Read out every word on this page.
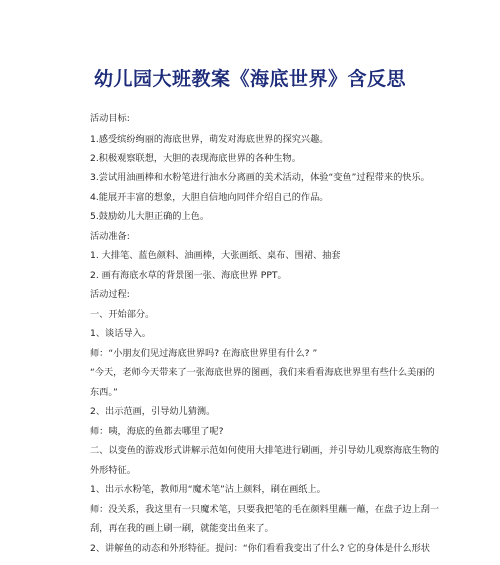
幼儿园大班教案《海底世界》含反思
活动目标:
1.感受缤纷绚丽的海底世界，萌发对海底世界的探究兴趣。
2.积极观察联想，大胆的表现海底世界的各种生物。
3.尝试用油画棒和水粉笔进行油水分离画的美术活动，体验“变鱼”过程带来的快乐。
4.能展开丰富的想象，大胆自信地向同伴介绍自己的作品。
5.鼓励幼儿大胆正确的上色。
活动准备:
1. 大排笔、蓝色颜料、油画棒，大张画纸、桌布、围裙、抽套
2. 画有海底水草的背景图一张、海底世界 PPT。
活动过程:
一、开始部分。
1、谈话导入。
师：“小朋友们见过海底世界吗? 在海底世界里有什么? ”
“今天，老师今天带来了一张海底世界的图画，我们来看看海底世界里有些什么美丽的
东西。”
2、出示范画，引导幼儿猜测。
师：咦，海底的鱼都去哪里了呢?
二、以变鱼的游戏形式讲解示范如何使用大排笔进行刷画，并引导幼儿观察海底生物的
外形特征。
1、出示水粉笔，教师用“魔术笔”沾上颜料，刷在画纸上。
师：没关系，我这里有一只魔术笔，只要我把笔的毛在颜料里蘸一蘸，在盘子边上刮一
刮，再在我的画上刷一刷，就能变出鱼来了。
2、讲解鱼的动态和外形特征。提问：“你们看看我变出了什么? 它的身体是什么形状
